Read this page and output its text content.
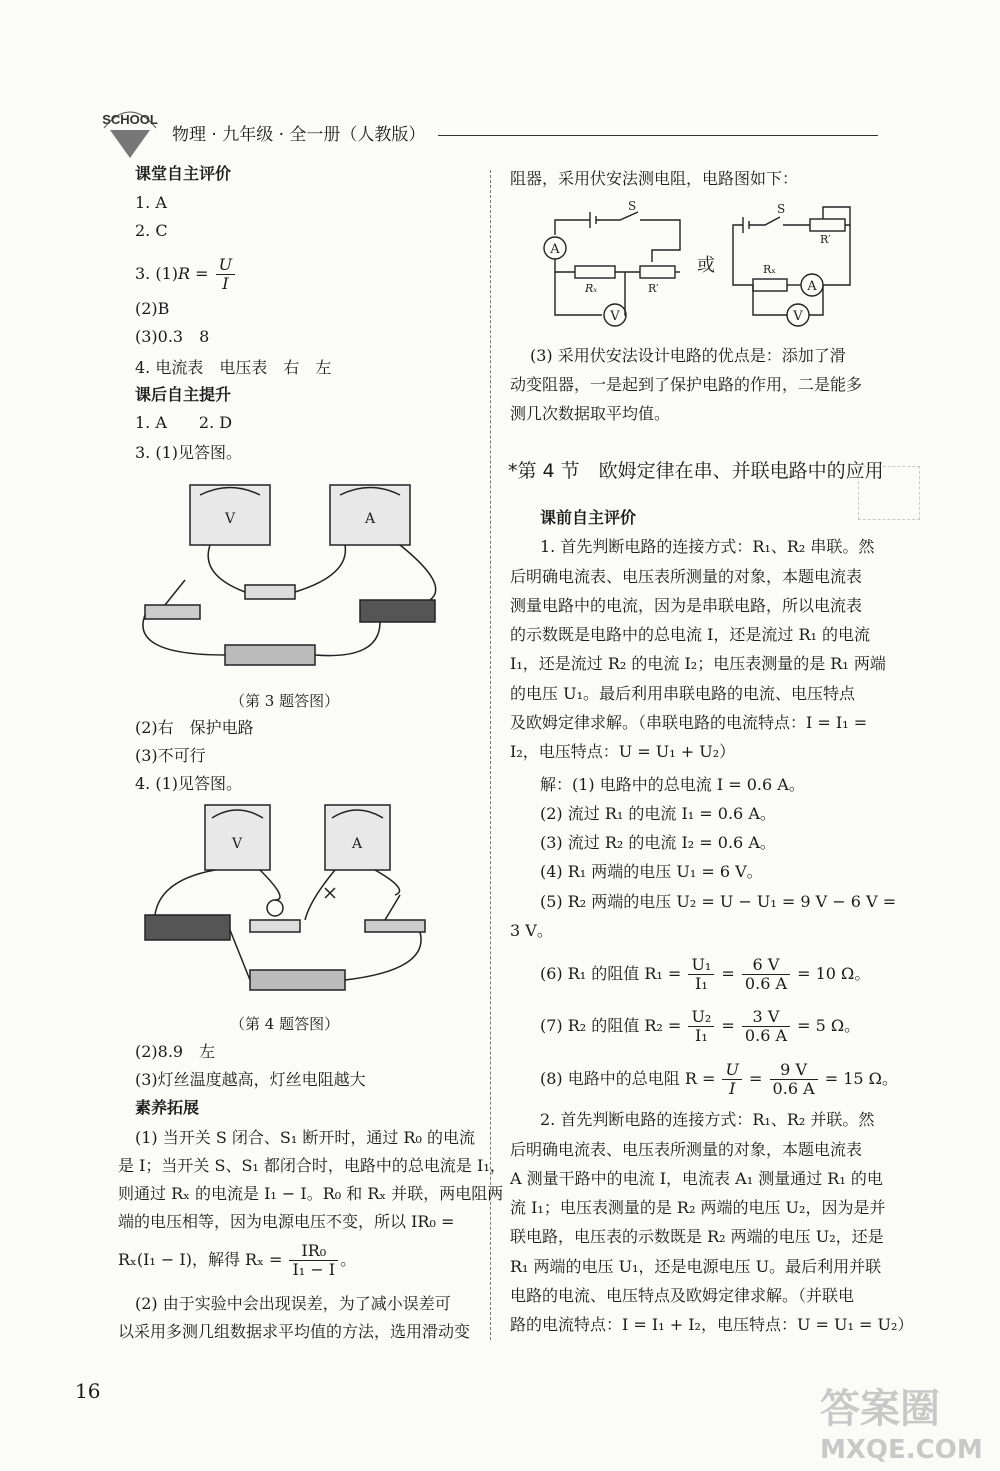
SCHOOL
物理 · 九年级 · 全一册（人教版）
课堂自主评价
1. A
2. C
3. $(1)R = \frac{U}{I}$
(2)B
(3)0.3　8
4. 电流表　电压表　右　左
课后自主提升
1. A　　2. D
3. (1)见答图。
V	A
（第 3 题答图）
(2)右　保护电路
(3)不可行
4. (1)见答图。
V	A
（第 4 题答图）
(2)8.9　左
(3)灯丝温度越高，灯丝电阻越大
素养拓展
(1) 当开关 S 闭合、S₁ 断开时，通过 R₀ 的电流
是 I；当开关 S、S₁ 都闭合时，电路中的总电流是 I₁，
则通过 Rₓ 的电流是 I₁ − I。R₀ 和 Rₓ 并联，两电阻两
端的电压相等，因为电源电压不变，所以 IR₀ =
Rₓ(I₁ − I)，解得 $R_x = \frac{\text{IR₀}}{\text{I₁ − I}}$ 。
(2) 由于实验中会出现误差，为了减小误差可
以采用多测几组数据求平均值的方法，选用滑动变
16
阻器，采用伏安法测电阻，电路图如下：
A
V
S
Rₓ	R′
或
A
V
S
Rₓ
R′
(3) 采用伏安法设计电路的优点是：添加了滑
动变阻器，一是起到了保护电路的作用，二是能多
测几次数据取平均值。
*第 4 节　欧姆定律在串、并联电路中的应用
课前自主评价
1. 首先判断电路的连接方式：R₁、R₂ 串联。然
后明确电流表、电压表所测量的对象，本题电流表
测量电路中的电流，因为是串联电路，所以电流表
的示数既是电路中的总电流 I，还是流过 R₁ 的电流
I₁，还是流过 R₂ 的电流 I₂；电压表测量的是 R₁ 两端
的电压 U₁。最后利用串联电路的电流、电压特点
及欧姆定律求解。（串联电路的电流特点：I = I₁ =
I₂，电压特点：U = U₁ + U₂）
解：(1) 电路中的总电流 I = 0.6 A。
(2) 流过 R₁ 的电流 I₁ = 0.6 A。
(3) 流过 R₂ 的电流 I₂ = 0.6 A。
(4) R₁ 两端的电压 U₁ = 6 V。
(5) R₂ 两端的电压 U₂ = U − U₁ = 9 V − 6 V =
3 V。
(6) R₁ 的阻值 $R_1 = \frac{\text{U₁}}{\text{I₁}} = \frac{6 V}{0.6 A} = 10$ Ω。
(7) R₂ 的阻值 $R_2 = \frac{\text{U₂}}{\text{I₁}} = \frac{3 V}{0.6 A} = 5$ Ω。
(8) 电路中的总电阻 $R = \frac{U}{I} = \frac{9 V}{0.6 A} = 15$ Ω。
2. 首先判断电路的连接方式：R₁、R₂ 并联。然
后明确电流表、电压表所测量的对象，本题电流表
A 测量干路中的电流 I，电流表 A₁ 测量通过 R₁ 的电
流 I₁；电压表测量的是 R₂ 两端的电压 U₂，因为是并
联电路，电压表的示数既是 R₂ 两端的电压 U₂，还是
R₁ 两端的电压 U₁，还是电源电压 U。最后利用并联
电路的电流、电压特点及欧姆定律求解。（并联电
路的电流特点：I = I₁ + I₂，电压特点：U = U₁ = U₂）
答案圈
MXQE.COM
